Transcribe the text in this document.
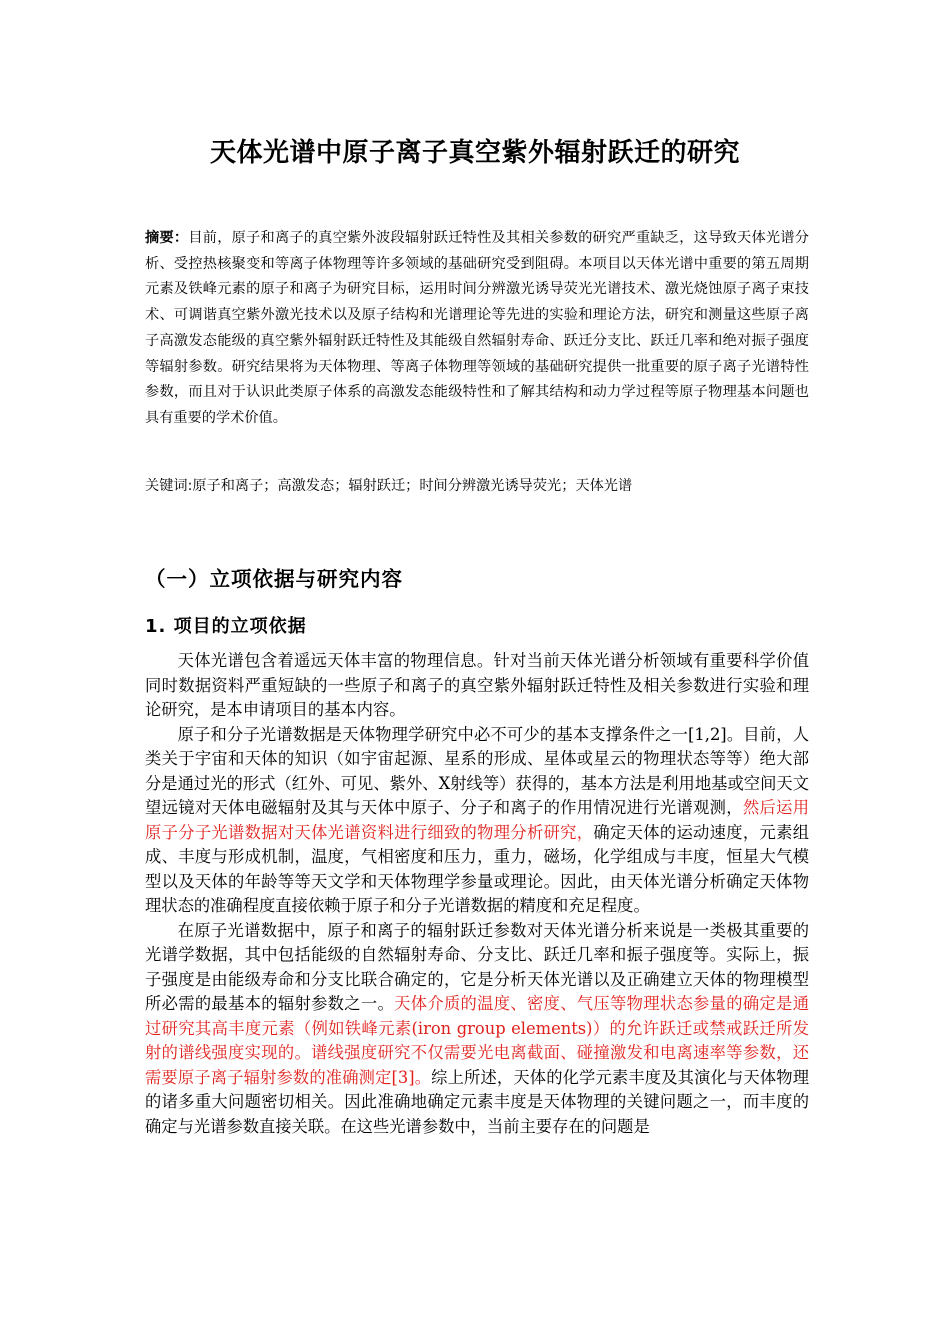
天体光谱中原子离子真空紫外辐射跃迁的研究

摘要：目前，原子和离子的真空紫外波段辐射跃迁特性及其相关参数的研究严重缺乏，这导致天体光谱分析、受控热核聚变和等离子体物理等许多领域的基础研究受到阻碍。本项目以天体光谱中重要的第五周期元素及铁峰元素的原子和离子为研究目标，运用时间分辨激光诱导荧光光谱技术、激光烧蚀原子离子束技术、可调谐真空紫外激光技术以及原子结构和光谱理论等先进的实验和理论方法，研究和测量这些原子离子高激发态能级的真空紫外辐射跃迁特性及其能级自然辐射寿命、跃迁分支比、跃迁几率和绝对振子强度等辐射参数。研究结果将为天体物理、等离子体物理等领域的基础研究提供一批重要的原子离子光谱特性参数，而且对于认识此类原子体系的高激发态能级特性和了解其结构和动力学过程等原子物理基本问题也具有重要的学术价值。

关键词:原子和离子；高激发态；辐射跃迁；时间分辨激光诱导荧光；天体光谱

（一）立项依据与研究内容
1. 项目的立项依据

天体光谱包含着遥远天体丰富的物理信息。针对当前天体光谱分析领域有重要科学价值同时数据资料严重短缺的一些原子和离子的真空紫外辐射跃迁特性及相关参数进行实验和理论研究，是本申请项目的基本内容。

原子和分子光谱数据是天体物理学研究中必不可少的基本支撑条件之一[1,2]。目前，人类关于宇宙和天体的知识（如宇宙起源、星系的形成、星体或星云的物理状态等等）绝大部分是通过光的形式（红外、可见、紫外、X射线等）获得的，基本方法是利用地基或空间天文望远镜对天体电磁辐射及其与天体中原子、分子和离子的作用情况进行光谱观测，然后运用原子分子光谱数据对天体光谱资料进行细致的物理分析研究，确定天体的运动速度，元素组成、丰度与形成机制，温度，气相密度和压力，重力，磁场，化学组成与丰度，恒星大气模型以及天体的年龄等等天文学和天体物理学参量或理论。因此，由天体光谱分析确定天体物理状态的准确程度直接依赖于原子和分子光谱数据的精度和充足程度。

在原子光谱数据中，原子和离子的辐射跃迁参数对天体光谱分析来说是一类极其重要的光谱学数据，其中包括能级的自然辐射寿命、分支比、跃迁几率和振子强度等。实际上，振子强度是由能级寿命和分支比联合确定的，它是分析天体光谱以及正确建立天体的物理模型所必需的最基本的辐射参数之一。天体介质的温度、密度、气压等物理状态参量的确定是通过研究其高丰度元素（例如铁峰元素(iron group elements)）的允许跃迁或禁戒跃迁所发射的谱线强度实现的。谱线强度研究不仅需要光电离截面、碰撞激发和电离速率等参数，还需要原子离子辐射参数的准确测定[3]。综上所述，天体的化学元素丰度及其演化与天体物理的诸多重大问题密切相关。因此准确地确定元素丰度是天体物理的关键问题之一，而丰度的确定与光谱参数直接关联。在这些光谱参数中，当前主要存在的问题是
